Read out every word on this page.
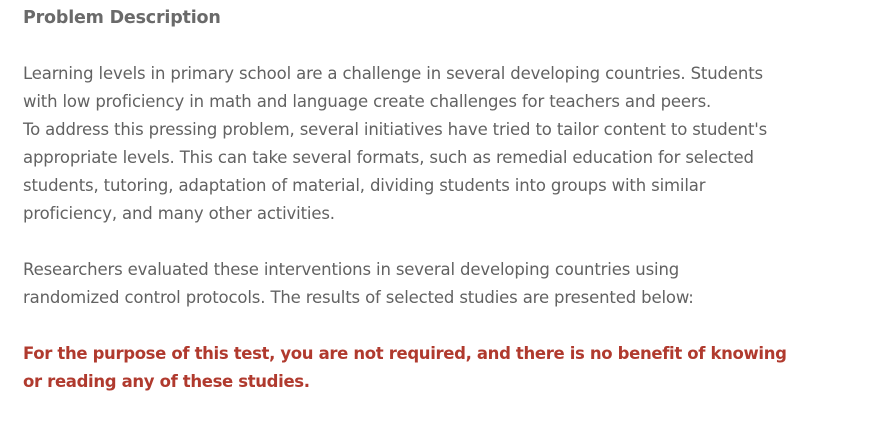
Problem Description

Learning levels in primary school are a challenge in several developing countries. Students
with low proficiency in math and language create challenges for teachers and peers.
To address this pressing problem, several initiatives have tried to tailor content to student's
appropriate levels. This can take several formats, such as remedial education for selected
students, tutoring, adaptation of material, dividing students into groups with similar
proficiency, and many other activities.

Researchers evaluated these interventions in several developing countries using
randomized control protocols. The results of selected studies are presented below:

For the purpose of this test, you are not required, and there is no benefit of knowing
or reading any of these studies.
